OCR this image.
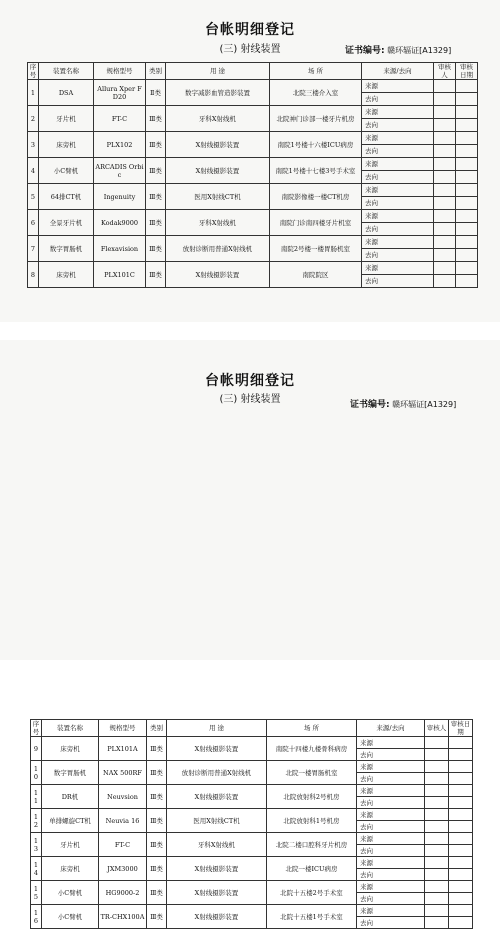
台帐明细登记
(三) 射线装置	证书编号: 赣环辐证[A1329]
序号	装置名称	规格型号	类别	用 途	场 所	来源/去向	审核人	审核日期
1	DSA	Allura Xper FD20	Ⅱ类	数字减影血管造影装置	北院三楼介入室	来源		
						去向		
2	牙片机	FT-C	Ⅲ类	牙科X射线机	北院神门诊部一楼牙片机房	来源		
						去向		
3	床旁机	PLX102	Ⅲ类	X射线摄影装置	南院1号楼十六楼ICU病房	来源		
						去向		
4	小C臂机	ARCADIS Orbic	Ⅲ类	X射线摄影装置	南院1号楼十七楼3号手术室	来源		
						去向		
5	64排CT机	Ingenuity	Ⅲ类	医用X射线CT机	南院影像楼一楼CT机房	来源		
						去向		
6	全景牙片机	Kodak9000	Ⅲ类	牙科X射线机	南院门诊南四楼牙片机室	来源		
						去向		
7	数字胃肠机	Flexavision	Ⅲ类	放射诊断用普通X射线机	南院2号楼一楼胃肠机室	来源		
						去向		
8	床旁机	PLX101C	Ⅲ类	X射线摄影装置	南院院区	来源		
						去向		
台帐明细登记
(三) 射线装置	证书编号: 赣环辐证[A1329]
序号	装置名称	规格型号	类别	用 途	场 所	来源/去向	审核人	审核日期
9	床旁机	PLX101A	Ⅲ类	X射线摄影装置	南院十四楼九楼骨科病房	来源		
						去向		
10	数字胃肠机	NAX 500RF	Ⅲ类	放射诊断用普通X射线机	北院一楼胃肠机室	来源		
						去向		
11	DR机	Neuvsion	Ⅲ类	X射线摄影装置	北院放射科2号机房	来源		
						去向		
12	单排螺旋CT机	Neuvia 16	Ⅲ类	医用X射线CT机	北院放射科1号机房	来源		
						去向		
13	牙片机	FT-C	Ⅲ类	牙科X射线机	北院二楼口腔科牙片机房	来源		
						去向		
14	床旁机	JXM3000	Ⅲ类	X射线摄影装置	北院一楼ICU病房	来源		
						去向		
15	小C臂机	HG9000-2	Ⅲ类	X射线摄影装置	北院十五楼2号手术室	来源		
						去向		
16	小C臂机	TR-CHX100A	Ⅲ类	X射线摄影装置	北院十五楼1号手术室	来源		
						去向		
